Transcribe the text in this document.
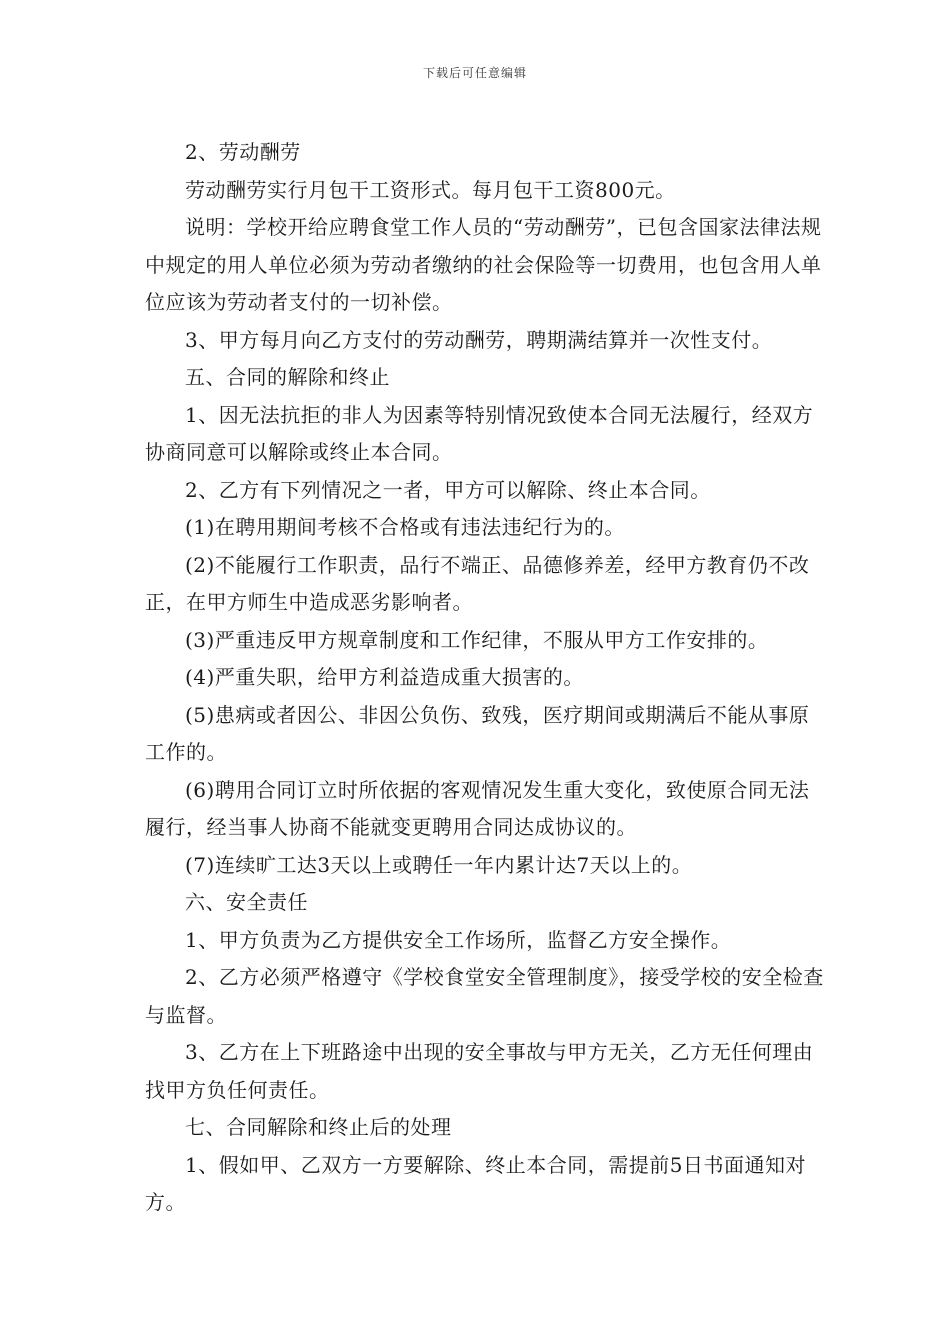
下载后可任意编辑

2、劳动酬劳

劳动酬劳实行月包干工资形式。每月包干工资800元。

说明：学校开给应聘食堂工作人员的“劳动酬劳”，已包含国家法律法规中规定的用人单位必须为劳动者缴纳的社会保险等一切费用，也包含用人单位应该为劳动者支付的一切补偿。

3、甲方每月向乙方支付的劳动酬劳，聘期满结算并一次性支付。

五、合同的解除和终止

1、因无法抗拒的非人为因素等特别情况致使本合同无法履行，经双方协商同意可以解除或终止本合同。

2、乙方有下列情况之一者，甲方可以解除、终止本合同。

(1)在聘用期间考核不合格或有违法违纪行为的。

(2)不能履行工作职责，品行不端正、品德修养差，经甲方教育仍不改正，在甲方师生中造成恶劣影响者。

(3)严重违反甲方规章制度和工作纪律，不服从甲方工作安排的。

(4)严重失职，给甲方利益造成重大损害的。

(5)患病或者因公、非因公负伤、致残，医疗期间或期满后不能从事原工作的。

(6)聘用合同订立时所依据的客观情况发生重大变化，致使原合同无法履行，经当事人协商不能就变更聘用合同达成协议的。

(7)连续旷工达3天以上或聘任一年内累计达7天以上的。

六、安全责任

1、甲方负责为乙方提供安全工作场所，监督乙方安全操作。

2、乙方必须严格遵守《学校食堂安全管理制度》，接受学校的安全检查与监督。

3、乙方在上下班路途中出现的安全事故与甲方无关，乙方无任何理由找甲方负任何责任。

七、合同解除和终止后的处理

1、假如甲、乙双方一方要解除、终止本合同，需提前5日书面通知对方。
